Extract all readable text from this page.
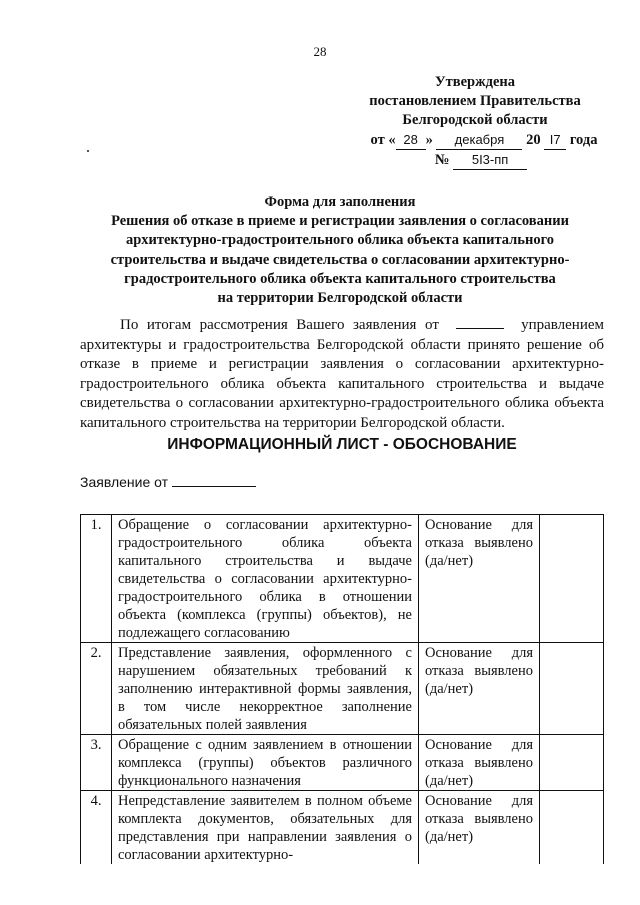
28
Утверждена
постановлением Правительства
Белгородской области
от « 28 » декабря 20 I7 года
№ 5I3-пп
Форма для заполнения
Решения об отказе в приеме и регистрации заявления о согласовании
архитектурно-градостроительного облика объекта капитального
строительства и выдаче свидетельства о согласовании архитектурно-
градостроительного облика объекта капитального строительства
на территории Белгородской области
По итогам рассмотрения Вашего заявления от	управлением архитектуры и градостроительства Белгородской области принято решение об отказе в приеме и регистрации заявления о согласовании архитектурно-градостроительного облика объекта капитального строительства и выдаче свидетельства о согласовании архитектурно-градостроительного облика объекта капитального строительства на территории Белгородской области.
ИНФОРМАЦИОННЫЙ ЛИСТ - ОБОСНОВАНИЕ
Заявление от
1.	Обращение о согласовании архитектурно-градостроительного облика объекта капитального строительства и выдаче свидетельства о согласовании архитектурно-градостроительного облика в отношении объекта (комплекса (группы) объектов), не подлежащего согласованию	Основание для отказа выявлено (да/нет)	
2.	Представление заявления, оформленного с нарушением обязательных требований к заполнению интерактивной формы заявления, в том числе некорректное заполнение обязательных полей заявления	Основание для отказа выявлено (да/нет)	
3.	Обращение с одним заявлением в отношении комплекса (группы) объектов различного функционального назначения	Основание для отказа выявлено (да/нет)	
4.	Непредставление заявителем в полном объеме комплекта документов, обязательных для представления при направлении заявления о согласовании архитектурно-	Основание для отказа выявлено (да/нет)	
